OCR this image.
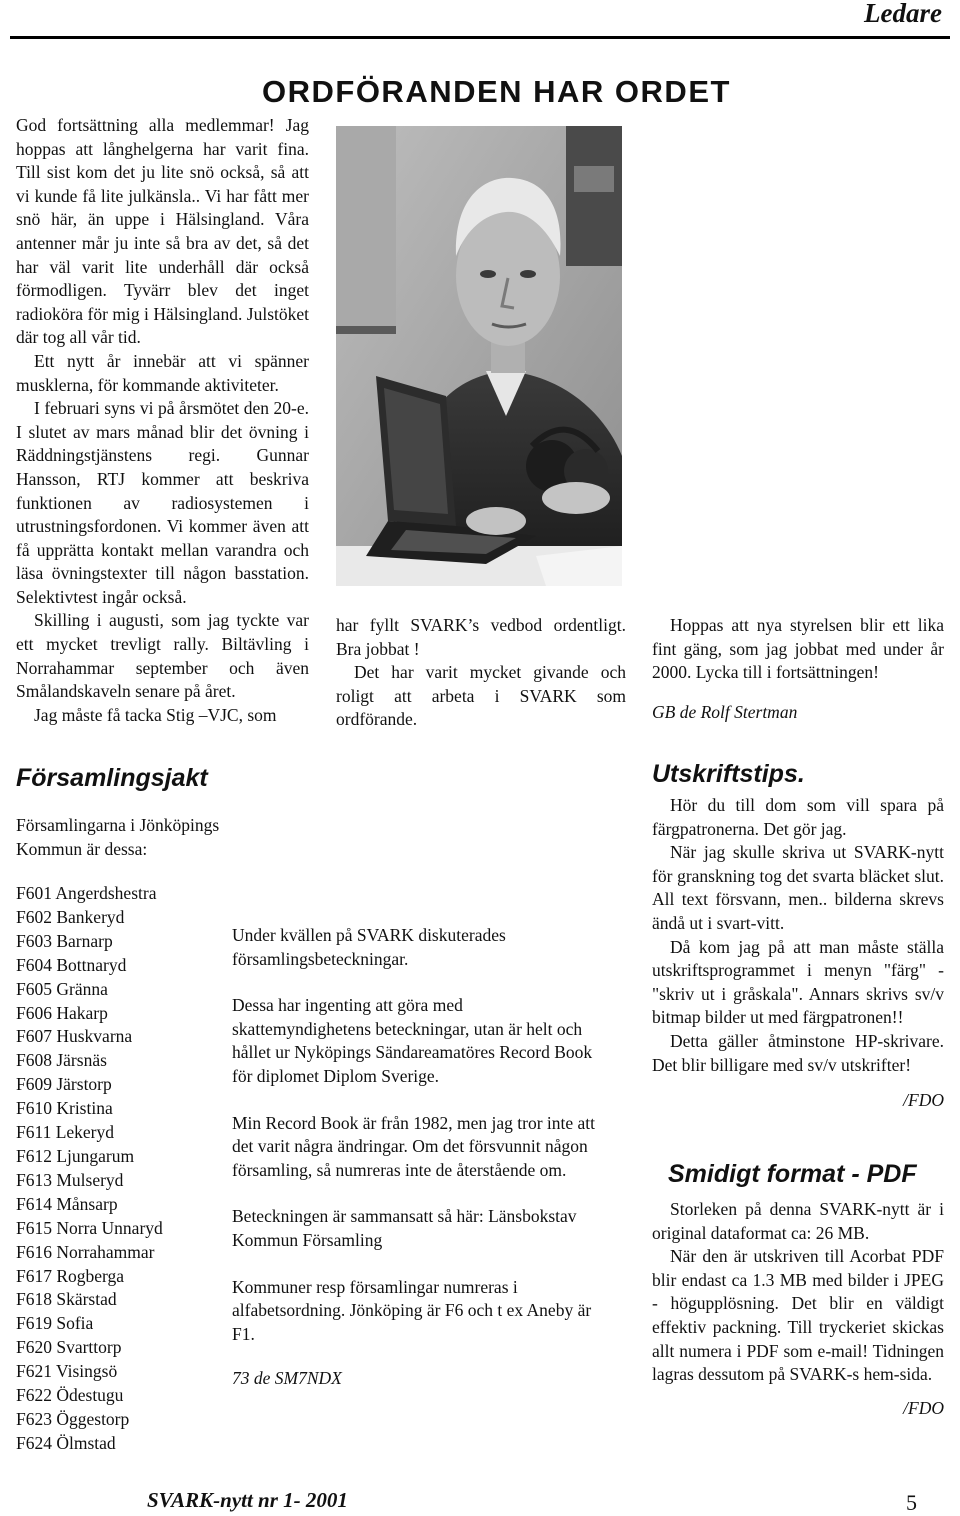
Ledare
ORDFÖRANDEN HAR ORDET

God fortsättning alla medlemmar! Jag hoppas att långhelgerna har varit fina. Till sist kom det ju lite snö också, så att vi kunde få lite julkänsla.. Vi har fått mer snö här, än uppe i Hälsingland. Våra antenner mår ju inte så bra av det, så det har väl varit lite underhåll där också förmodligen. Tyvärr blev det inget radioköra för mig i Hälsingland. Julstöket där tog all vår tid.

Ett nytt år innebär att vi spänner musklerna, för kommande aktiviteter.

I februari syns vi på årsmötet den 20-e. I slutet av mars månad blir det övning i Räddningstjänstens regi. Gunnar Hansson, RTJ kommer att beskriva funktionen av radiosystemen i utrustningsfordonen. Vi kommer även att få upprätta kontakt mellan varandra och läsa övningstexter till någon basstation. Selektivtest ingår också.

Skilling i augusti, som jag tyckte var ett mycket trevligt rally. Biltävling i Norrahammar september och även Smålandskaveln senare på året.

Jag måste få tacka Stig –VJC, som

har fyllt SVARK’s vedbod ordentligt. Bra jobbat !

Det har varit mycket givande och roligt att arbeta i SVARK som ordförande.

Hoppas att nya styrelsen blir ett lika fint gäng, som jag jobbat med under år 2000. Lycka till i fortsättningen!

GB de Rolf Stertman

Församlingsjakt
Församlingarna i Jönköpings Kommun är dessa:
F601 Angerdshestra
F602 Bankeryd
F603 Barnarp
F604 Bottnaryd
F605 Gränna
F606 Hakarp
F607 Huskvarna
F608 Järsnäs
F609 Järstorp
F610 Kristina
F611 Lekeryd
F612 Ljungarum
F613 Mulseryd
F614 Månsarp
F615 Norra Unnaryd
F616 Norrahammar
F617 Rogberga
F618 Skärstad
F619 Sofia
F620 Svarttorp
F621 Visingsö
F622 Ödestugu
F623 Öggestorp
F624 Ölmstad

Under kvällen på SVARK diskuterades församlingsbeteckningar.

Dessa har ingenting att göra med skattemyndighetens beteckningar, utan är helt och hållet ur Nyköpings Sändareamatöres Record Book för diplomet Diplom Sverige.

Min Record Book är från 1982, men jag tror inte att det varit några ändringar. Om det försvunnit någon församling, så numreras inte de återstående om.

Beteckningen är sammansatt så här: Länsbokstav Kommun Församling

Kommuner resp församlingar numreras i alfabetsordning. Jönköping är F6 och t ex Aneby är F1.

73 de SM7NDX

Utskriftstips.

Hör du till dom som vill spara på färgpatronerna. Det gör jag.

När jag skulle skriva ut SVARK-nytt för granskning tog det svarta bläcket slut. All text försvann, men.. bilderna skrevs ändå ut i svart-vitt.

Då kom jag på att man måste ställa utskriftsprogrammet i menyn "färg" - "skriv ut i gråskala". Annars skrivs sv/v bitmap bilder ut med färgpatronen!!

Detta gäller åtminstone HP-skrivare. Det blir billigare med sv/v utskrifter!

/FDO

Smidigt format - PDF

Storleken på denna SVARK-nytt är i original dataformat ca: 26 MB.

När den är utskriven till Acorbat PDF blir endast ca 1.3 MB med bilder i JPEG - högupplösning. Det blir en väldigt effektiv packning. Till tryckeriet skickas allt numera i PDF som e-mail! Tidningen lagras dessutom på SVARK-s hem-sida.

/FDO

SVARK-nytt nr 1- 2001	5
